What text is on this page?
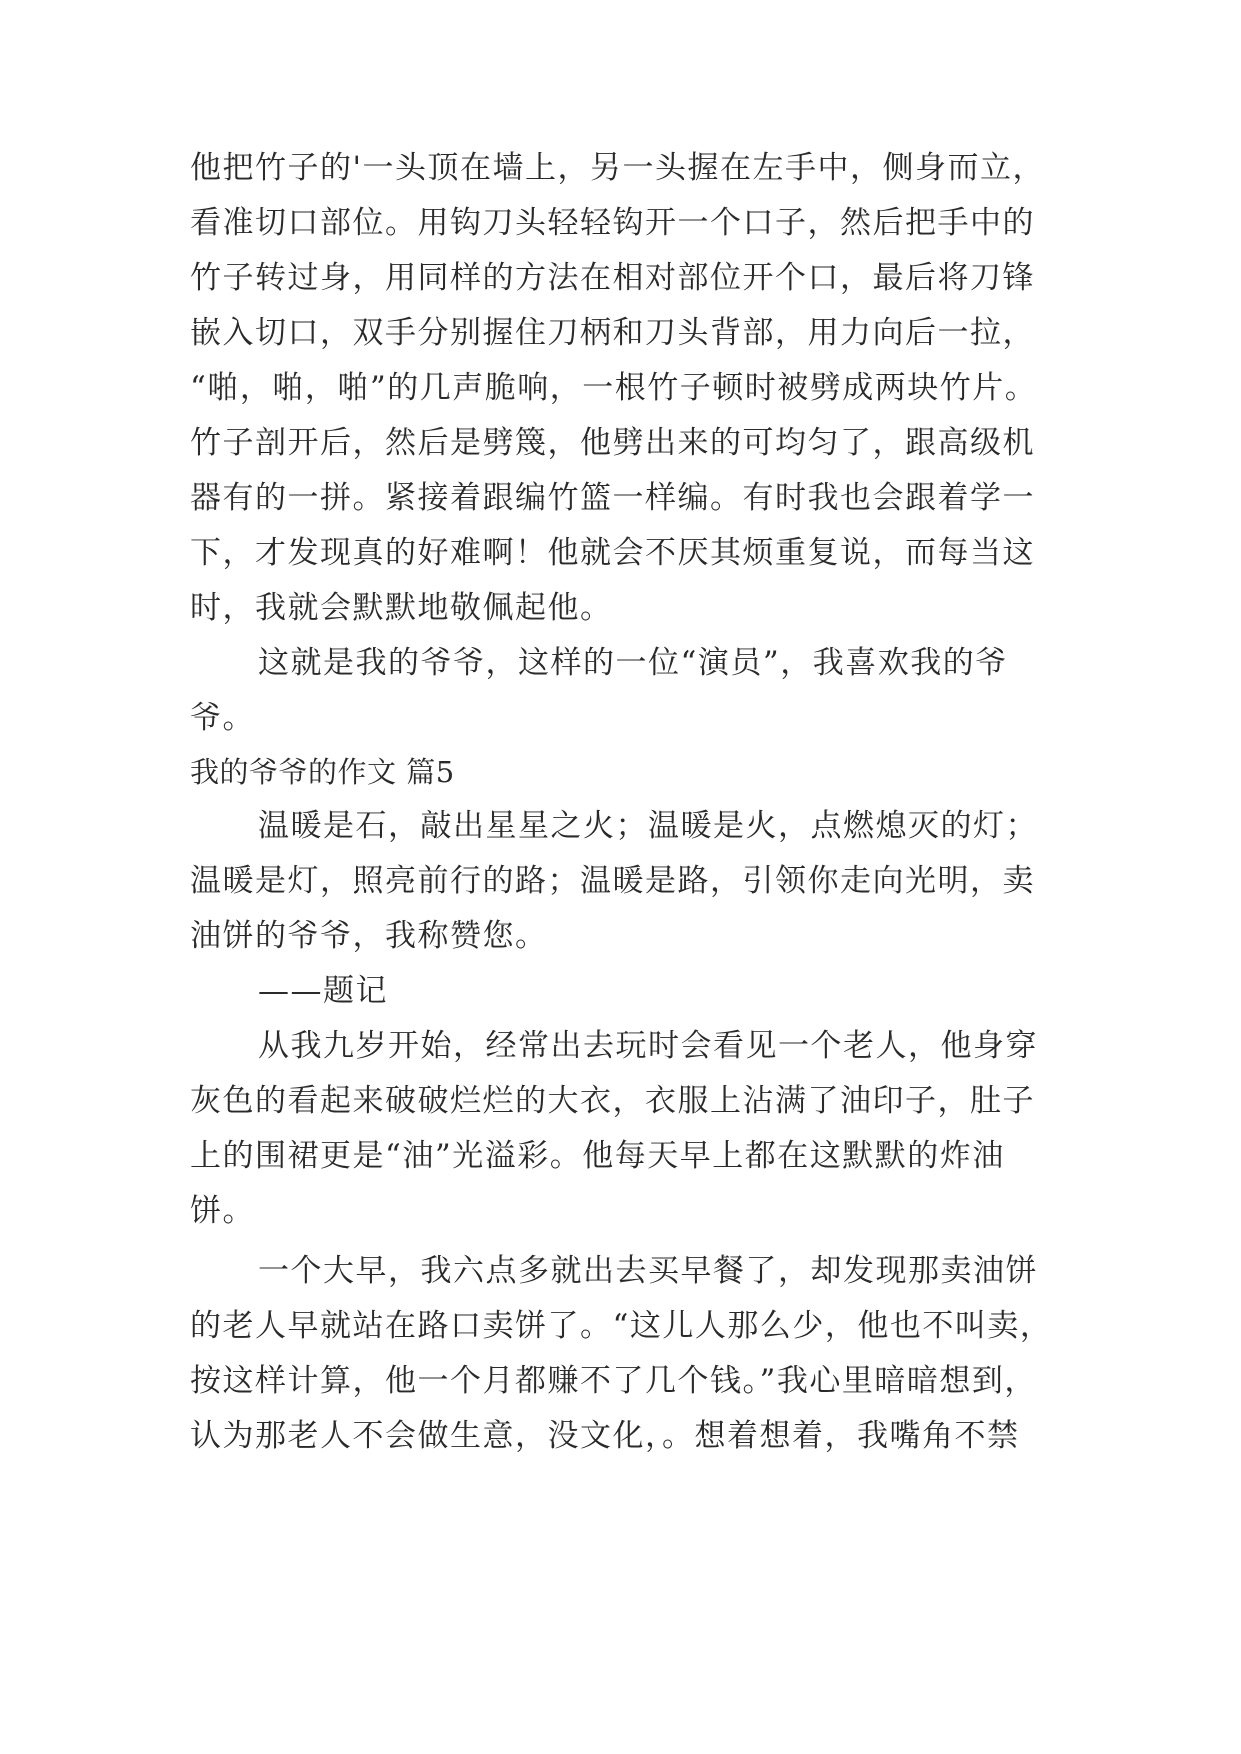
他把竹子的'一头顶在墙上，另一头握在左手中，侧身而立，
看准切口部位。用钩刀头轻轻钩开一个口子，然后把手中的
竹子转过身，用同样的方法在相对部位开个口，最后将刀锋
嵌入切口，双手分别握住刀柄和刀头背部，用力向后一拉，
“啪，啪，啪”的几声脆响，一根竹子顿时被劈成两块竹片。
竹子剖开后，然后是劈篾，他劈出来的可均匀了，跟高级机
器有的一拼。紧接着跟编竹篮一样编。有时我也会跟着学一
下，才发现真的好难啊！他就会不厌其烦重复说，而每当这
时，我就会默默地敬佩起他。
这就是我的爷爷，这样的一位“演员”，我喜欢我的爷
爷。
我的爷爷的作文 篇5
温暖是石，敲出星星之火；温暖是火，点燃熄灭的灯；
温暖是灯，照亮前行的路；温暖是路，引领你走向光明，卖
油饼的爷爷，我称赞您。
——题记
从我九岁开始，经常出去玩时会看见一个老人，他身穿
灰色的看起来破破烂烂的大衣，衣服上沾满了油印子，肚子
上的围裙更是“油”光溢彩。他每天早上都在这默默的炸油
饼。
一个大早，我六点多就出去买早餐了，却发现那卖油饼
的老人早就站在路口卖饼了。“这儿人那么少，他也不叫卖，
按这样计算，他一个月都赚不了几个钱。”我心里暗暗想到，
认为那老人不会做生意，没文化，。想着想着，我嘴角不禁
